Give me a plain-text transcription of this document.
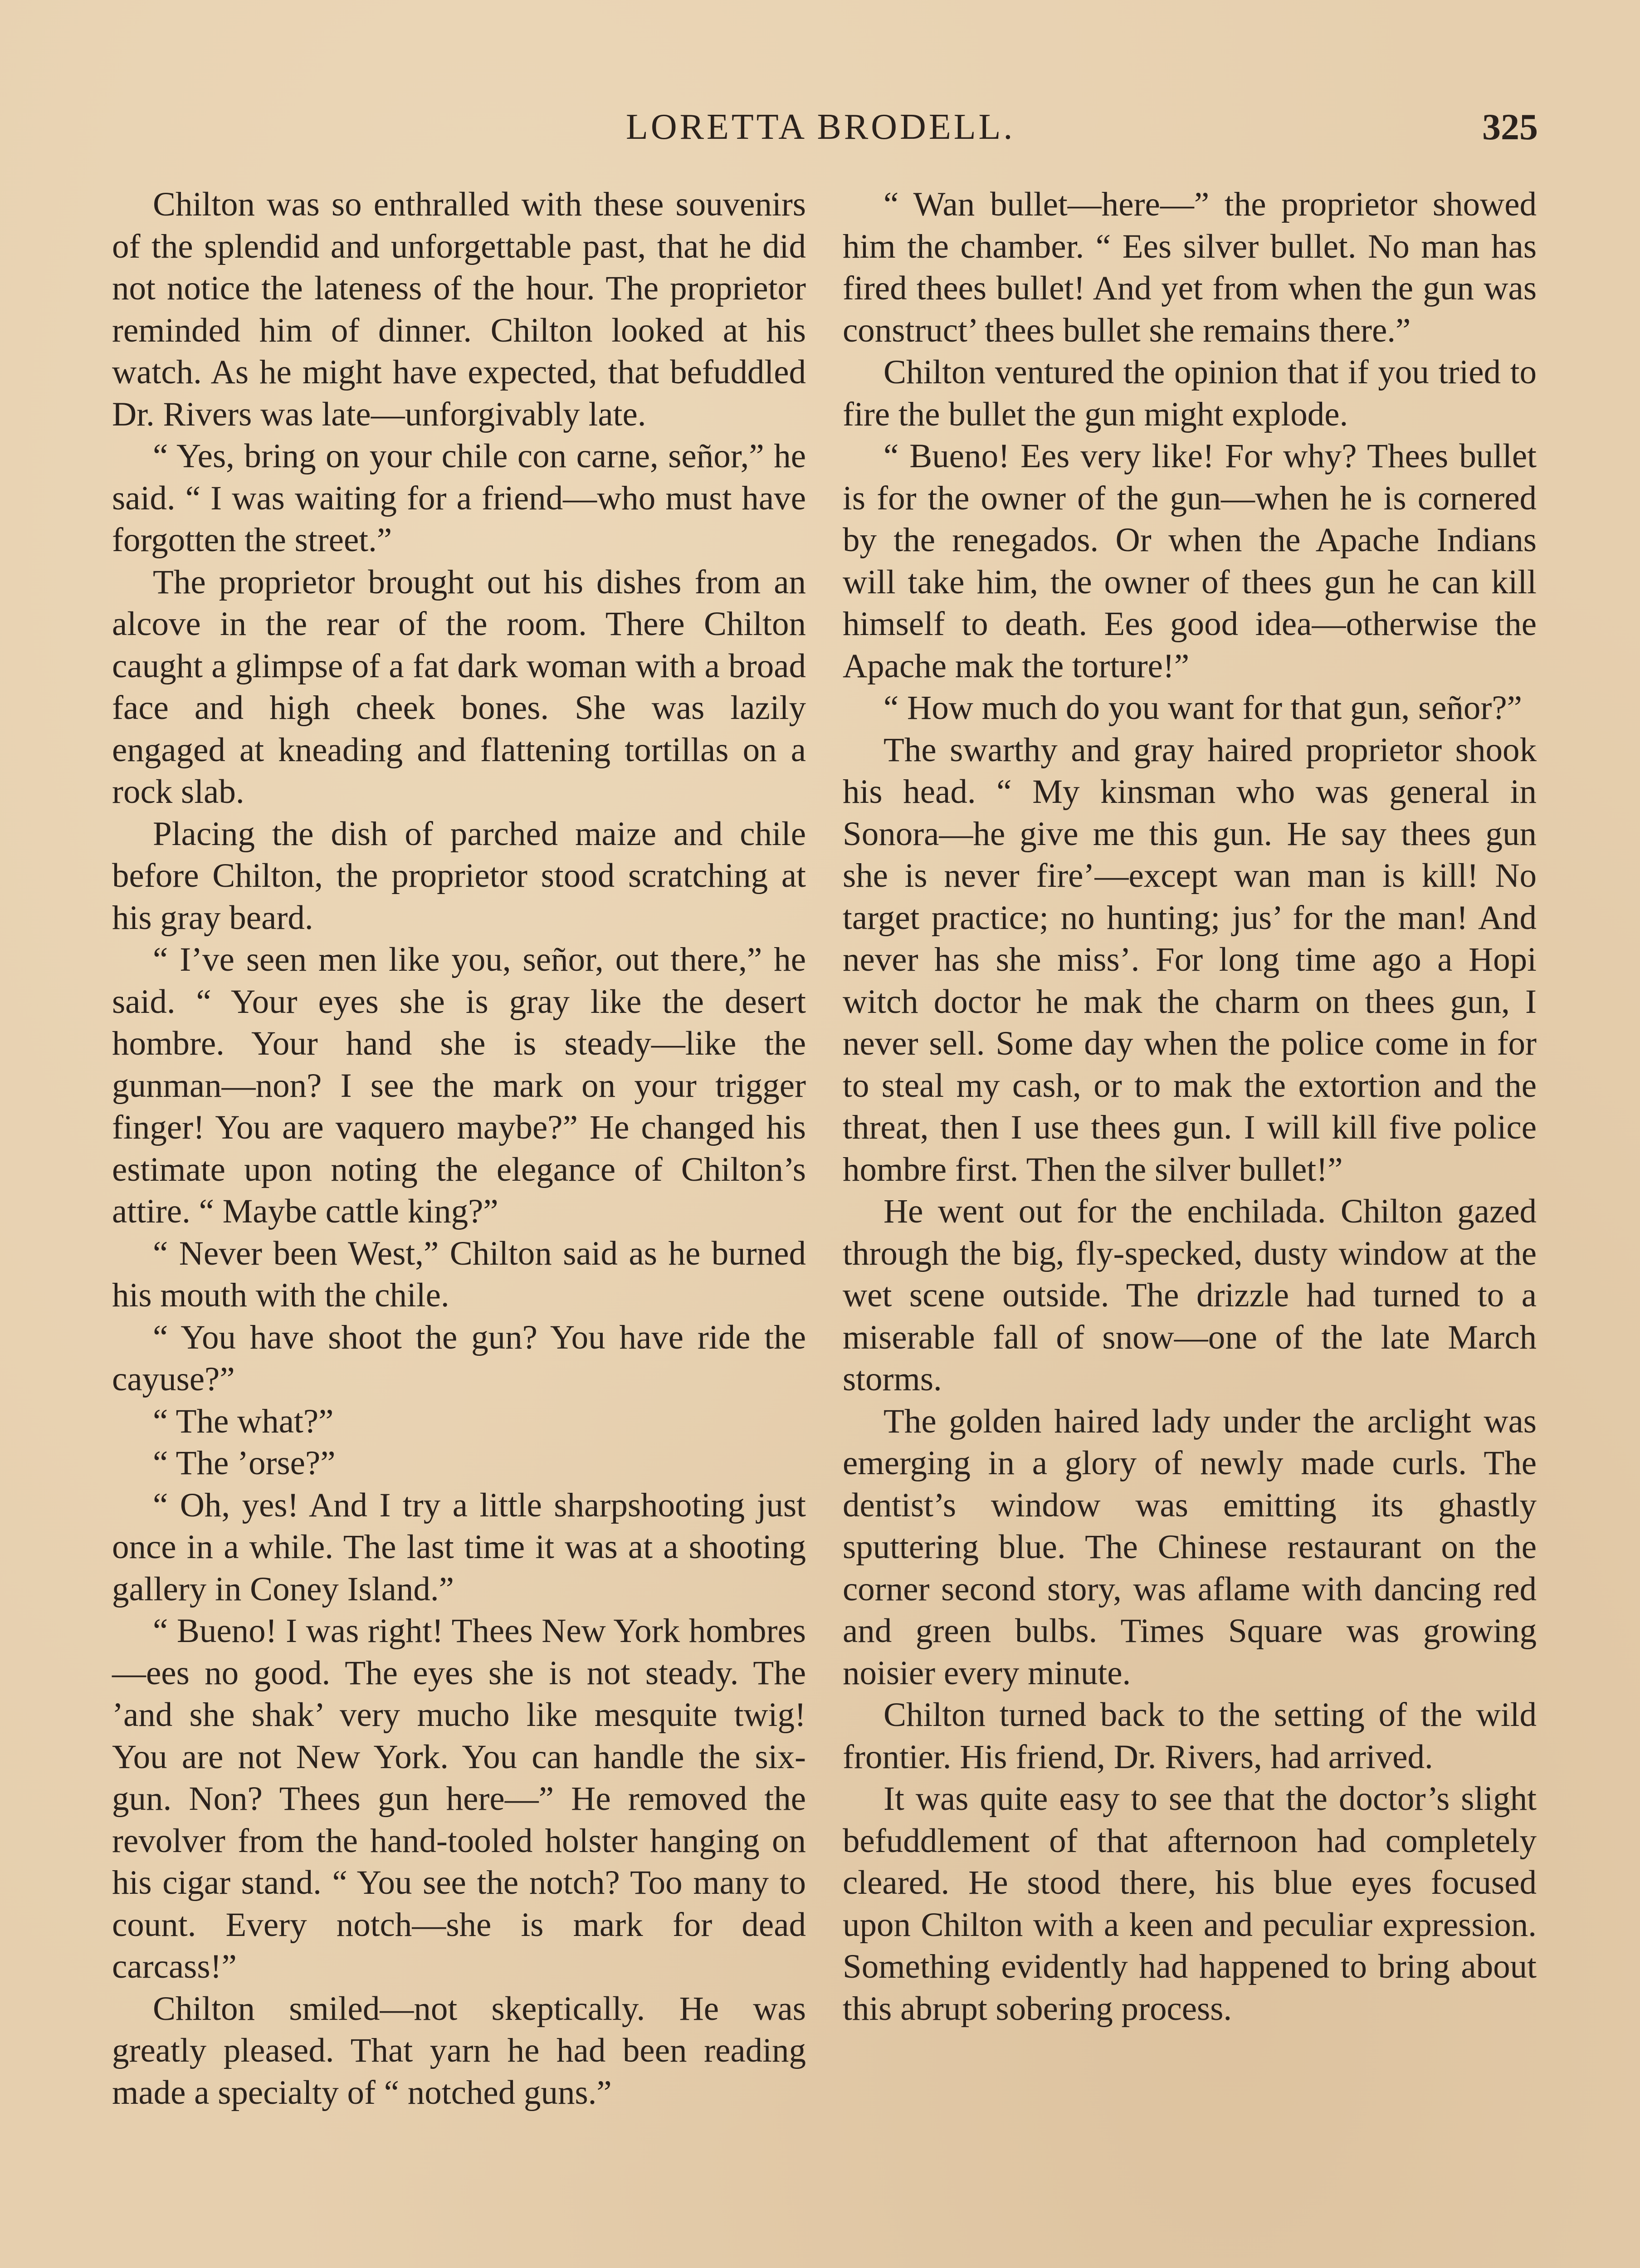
LORETTA BRODELL.	325

Chilton was so enthralled with these souvenirs of the splendid and unforgettable past, that he did not notice the lateness of the hour. The proprietor reminded him of dinner. Chilton looked at his watch. As he might have expected, that befuddled Dr. Rivers was late—unforgivably late.

“ Yes, bring on your chile con carne, señor,” he said. “ I was waiting for a friend—who must have forgotten the street.”

The proprietor brought out his dishes from an alcove in the rear of the room. There Chilton caught a glimpse of a fat dark woman with a broad face and high cheek bones. She was lazily engaged at kneading and flattening tortillas on a rock slab.

Placing the dish of parched maize and chile before Chilton, the proprietor stood scratching at his gray beard.

“ I’ve seen men like you, señor, out there,” he said. “ Your eyes she is gray like the desert hombre. Your hand she is steady—like the gunman—non? I see the mark on your trigger finger! You are vaquero maybe?” He changed his estimate upon noting the elegance of Chilton’s attire. “ Maybe cattle king?”

“ Never been West,” Chilton said as he burned his mouth with the chile.

“ You have shoot the gun? You have ride the cayuse?”

“ The what?”

“ The ’orse?”

“ Oh, yes! And I try a little sharpshooting just once in a while. The last time it was at a shooting gallery in Coney Island.”

“ Bueno! I was right! Thees New York hombres—ees no good. The eyes she is not steady. The ’and she shak’ very mucho like mesquite twig! You are not New York. You can handle the six-gun. Non? Thees gun here—” He removed the revolver from the hand-tooled holster hanging on his cigar stand. “ You see the notch? Too many to count. Every notch—she is mark for dead carcass!”

Chilton smiled—not skeptically. He was greatly pleased. That yarn he had been reading made a specialty of “ notched guns.”

“ Wan bullet—here—” the proprietor showed him the chamber. “ Ees silver bullet. No man has fired thees bullet! And yet from when the gun was construct’ thees bullet she remains there.”

Chilton ventured the opinion that if you tried to fire the bullet the gun might explode.

“ Bueno! Ees very like! For why? Thees bullet is for the owner of the gun—when he is cornered by the renegados. Or when the Apache Indians will take him, the owner of thees gun he can kill himself to death. Ees good idea—otherwise the Apache mak the torture!”

“ How much do you want for that gun, señor?”

The swarthy and gray haired proprietor shook his head. “ My kinsman who was general in Sonora—he give me this gun. He say thees gun she is never fire’—except wan man is kill! No target practice; no hunting; jus’ for the man! And never has she miss’. For long time ago a Hopi witch doctor he mak the charm on thees gun, I never sell. Some day when the police come in for to steal my cash, or to mak the extortion and the threat, then I use thees gun. I will kill five police hombre first. Then the silver bullet!”

He went out for the enchilada. Chilton gazed through the big, fly-specked, dusty window at the wet scene outside. The drizzle had turned to a miserable fall of snow—one of the late March storms.

The golden haired lady under the arclight was emerging in a glory of newly made curls. The dentist’s window was emitting its ghastly sputtering blue. The Chinese restaurant on the corner second story, was aflame with dancing red and green bulbs. Times Square was growing noisier every minute.

Chilton turned back to the setting of the wild frontier. His friend, Dr. Rivers, had arrived.

It was quite easy to see that the doctor’s slight befuddlement of that afternoon had completely cleared. He stood there, his blue eyes focused upon Chilton with a keen and peculiar expression. Something evidently had happened to bring about this abrupt sobering process.
